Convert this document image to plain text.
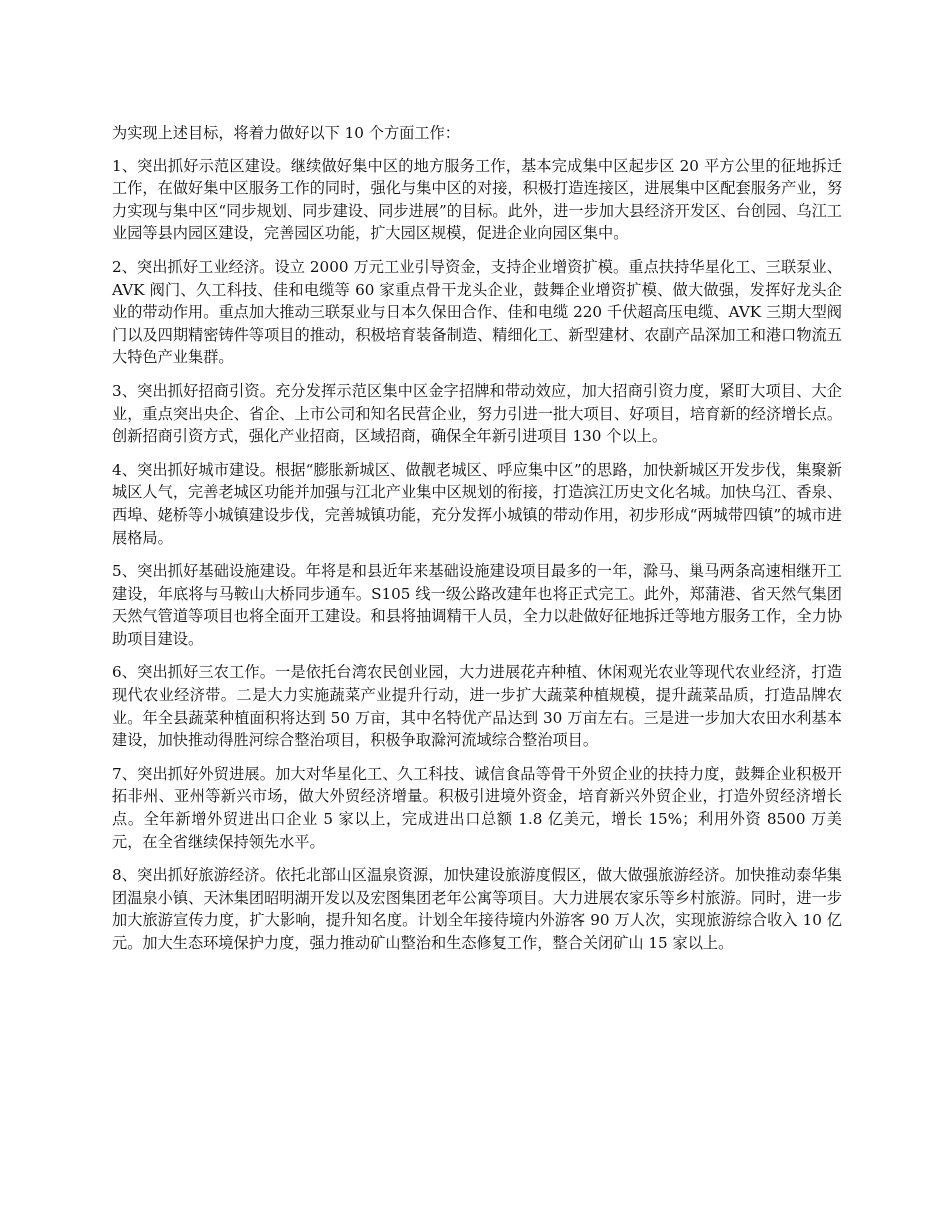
为实现上述目标，将着力做好以下 10 个方面工作：

1、突出抓好示范区建设。继续做好集中区的地方服务工作，基本完成集中区起步区 20 平方公里的征地拆迁工作，在做好集中区服务工作的同时，强化与集中区的对接，积极打造连接区，进展集中区配套服务产业，努力实现与集中区“同步规划、同步建设、同步进展”的目标。此外，进一步加大县经济开发区、台创园、乌江工业园等县内园区建设，完善园区功能，扩大园区规模，促进企业向园区集中。

2、突出抓好工业经济。设立 2000 万元工业引导资金，支持企业增资扩模。重点扶持华星化工、三联泵业、AVK 阀门、久工科技、佳和电缆等 60 家重点骨干龙头企业，鼓舞企业增资扩模、做大做强，发挥好龙头企业的带动作用。重点加大推动三联泵业与日本久保田合作、佳和电缆 220 千伏超高压电缆、AVK 三期大型阀门以及四期精密铸件等项目的推动，积极培育装备制造、精细化工、新型建材、农副产品深加工和港口物流五大特色产业集群。

3、突出抓好招商引资。充分发挥示范区集中区金字招牌和带动效应，加大招商引资力度，紧盯大项目、大企业，重点突出央企、省企、上市公司和知名民营企业，努力引进一批大项目、好项目，培育新的经济增长点。创新招商引资方式，强化产业招商，区域招商，确保全年新引进项目 130 个以上。

4、突出抓好城市建设。根据“膨胀新城区、做靓老城区、呼应集中区”的思路，加快新城区开发步伐，集聚新城区人气，完善老城区功能并加强与江北产业集中区规划的衔接，打造滨江历史文化名城。加快乌江、香泉、西埠、姥桥等小城镇建设步伐，完善城镇功能，充分发挥小城镇的带动作用，初步形成“两城带四镇”的城市进展格局。

5、突出抓好基础设施建设。年将是和县近年来基础设施建设项目最多的一年，滁马、巢马两条高速相继开工建设，年底将与马鞍山大桥同步通车。S105 线一级公路改建年也将正式完工。此外，郑蒲港、省天然气集团天然气管道等项目也将全面开工建设。和县将抽调精干人员，全力以赴做好征地拆迁等地方服务工作，全力协助项目建设。

6、突出抓好三农工作。一是依托台湾农民创业园，大力进展花卉种植、休闲观光农业等现代农业经济，打造现代农业经济带。二是大力实施蔬菜产业提升行动，进一步扩大蔬菜种植规模，提升蔬菜品质，打造品牌农业。年全县蔬菜种植面积将达到 50 万亩，其中名特优产品达到 30 万亩左右。三是进一步加大农田水利基本建设，加快推动得胜河综合整治项目，积极争取滁河流域综合整治项目。

7、突出抓好外贸进展。加大对华星化工、久工科技、诚信食品等骨干外贸企业的扶持力度，鼓舞企业积极开拓非州、亚州等新兴市场，做大外贸经济增量。积极引进境外资金，培育新兴外贸企业，打造外贸经济增长点。全年新增外贸进出口企业 5 家以上，完成进出口总额 1.8 亿美元，增长 15%；利用外资 8500 万美元，在全省继续保持领先水平。

8、突出抓好旅游经济。依托北部山区温泉资源，加快建设旅游度假区，做大做强旅游经济。加快推动泰华集团温泉小镇、天沐集团昭明湖开发以及宏图集团老年公寓等项目。大力进展农家乐等乡村旅游。同时，进一步加大旅游宣传力度，扩大影响，提升知名度。计划全年接待境内外游客 90 万人次，实现旅游综合收入 10 亿元。加大生态环境保护力度，强力推动矿山整治和生态修复工作，整合关闭矿山 15 家以上。
